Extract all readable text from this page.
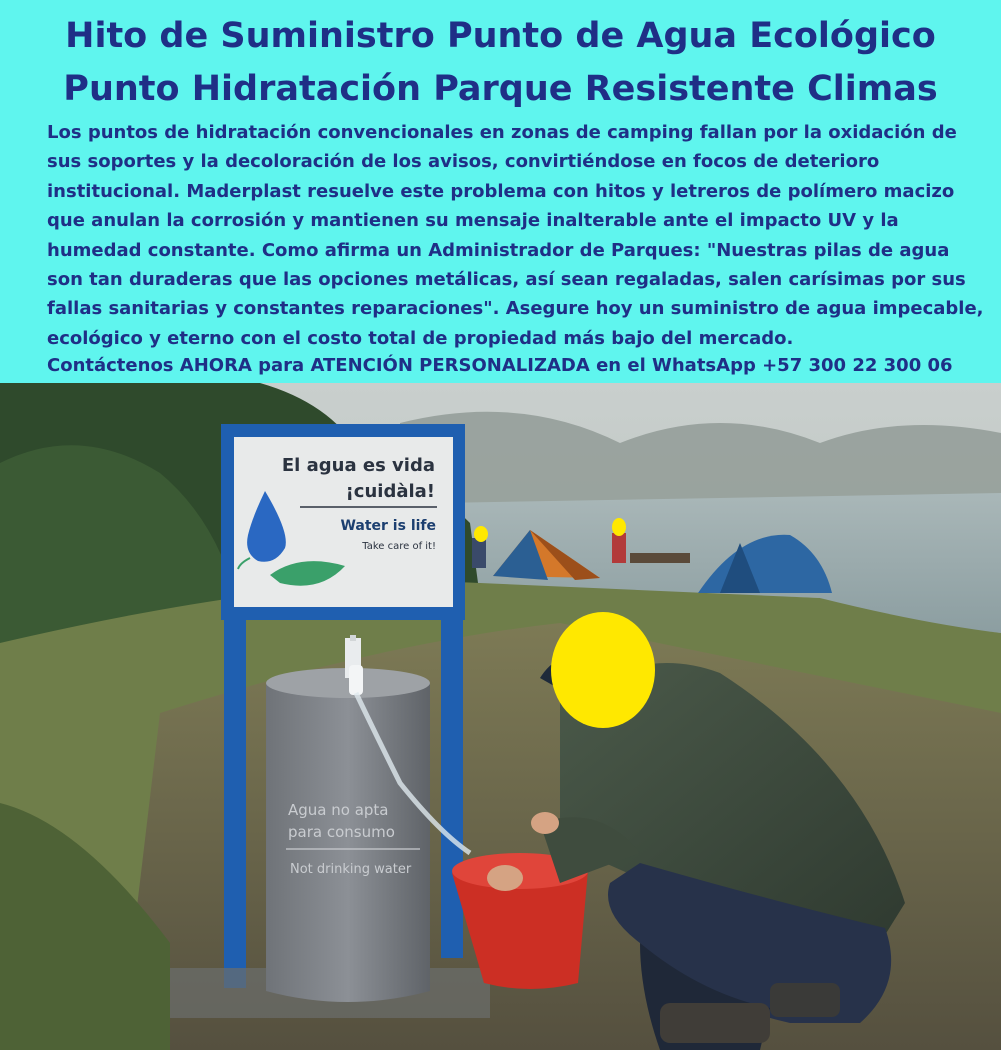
Hito de Suministro Punto de Agua Ecológico
Punto Hidratación Parque Resistente Climas

Los puntos de hidratación convencionales en zonas de camping fallan por la oxidación de sus soportes y la decoloración de los avisos, convirtiéndose en focos de deterioro institucional. Maderplast resuelve este problema con hitos y letreros de polímero macizo que anulan la corrosión y mantienen su mensaje inalterable ante el impacto UV y la humedad constante. Como afirma un Administrador de Parques: "Nuestras pilas de agua son tan duraderas que las opciones metálicas, así sean regaladas, salen carísimas por sus fallas sanitarias y constantes reparaciones". Asegure hoy un suministro de agua impecable, ecológico y eterno con el costo total de propiedad más bajo del mercado.

Contáctenos AHORA para ATENCIÓN PERSONALIZADA en el WhatsApp +57 300 22 300 06

El agua es vida
¡cuidàla!
Water is life
Take care of it!
Agua no apta
para consumo
Not drinking water
